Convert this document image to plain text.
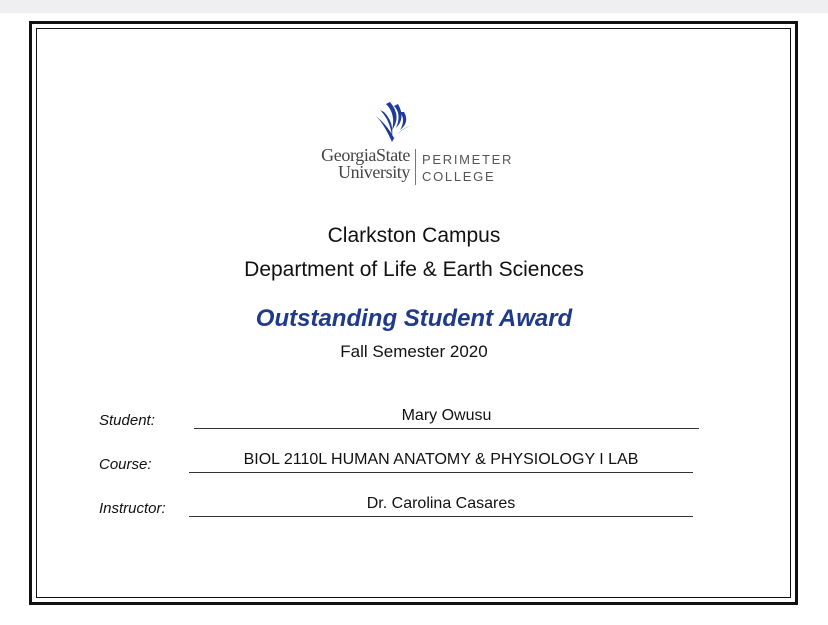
GeorgiaState
University
PERIMETER
COLLEGE
Clarkston Campus
Department of Life & Earth Sciences
Outstanding Student Award
Fall Semester 2020
Student:	Mary Owusu
Course:	BIOL 2110L HUMAN ANATOMY & PHYSIOLOGY I LAB
Instructor:	Dr. Carolina Casares
